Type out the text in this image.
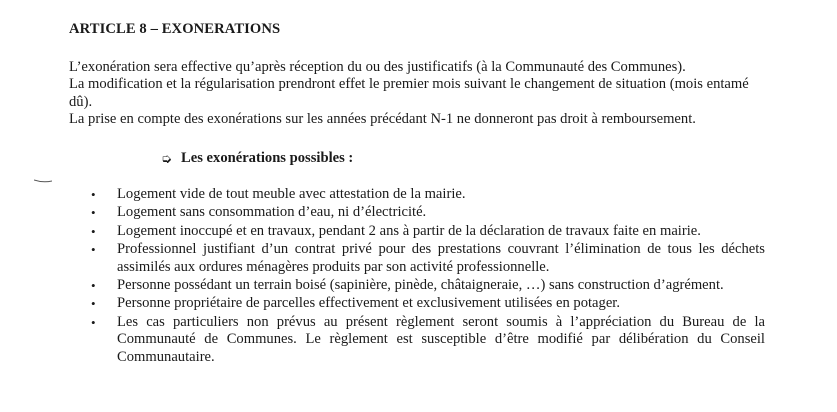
ARTICLE 8 – EXONERATIONS

L’exonération sera effective qu’après réception du ou des justificatifs (à la Communauté des Communes).

La modification et la régularisation prendront effet le premier mois suivant le changement de situation (mois entamé dû).

La prise en compte des exonérations sur les années précédant N-1 ne donneront pas droit à remboursement.

➭ Les exonérations possibles :
• Logement vide de tout meuble avec attestation de la mairie.
• Logement sans consommation d’eau, ni d’électricité.
• Logement inoccupé et en travaux, pendant 2 ans à partir de la déclaration de travaux faite en mairie.
• Professionnel justifiant d’un contrat privé pour des prestations couvrant l’élimination de tous les déchets assimilés aux ordures ménagères produits par son activité professionnelle.
• Personne possédant un terrain boisé (sapinière, pinède, châtaigneraie, …) sans construction d’agrément.
• Personne propriétaire de parcelles effectivement et exclusivement utilisées en potager.
• Les cas particuliers non prévus au présent règlement seront soumis à l’appréciation du Bureau de la Communauté de Communes. Le règlement est susceptible d’être modifié par délibération du Conseil Communautaire.
